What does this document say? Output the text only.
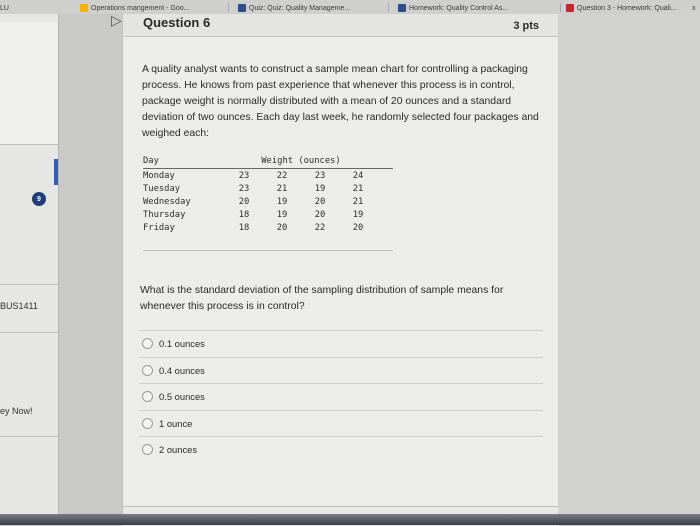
LU	Operations mangement - Goo...	Quiz: Quiz: Quality Manageme...	Homework: Quality Control As...	Question 3 - Homework: Quali... x
9
BUS1411
ey Now!
▷ Question 6	3 pts
A quality analyst wants to construct a sample mean chart for controlling a packaging process. He knows from past experience that whenever this process is in control, package weight is normally distributed with a mean of 20 ounces and a standard deviation of two ounces. Each day last week, he randomly selected four packages and weighed each:
Day	Weight (ounces)
Monday	23	22	23	24
Tuesday	23	21	19	21
Wednesday	20	19	20	21
Thursday	18	19	20	19
Friday	18	20	22	20
What is the standard deviation of the sampling distribution of sample means for whenever this process is in control?
0.1 ounces
0.4 ounces
0.5 ounces
1 ounce
2 ounces
